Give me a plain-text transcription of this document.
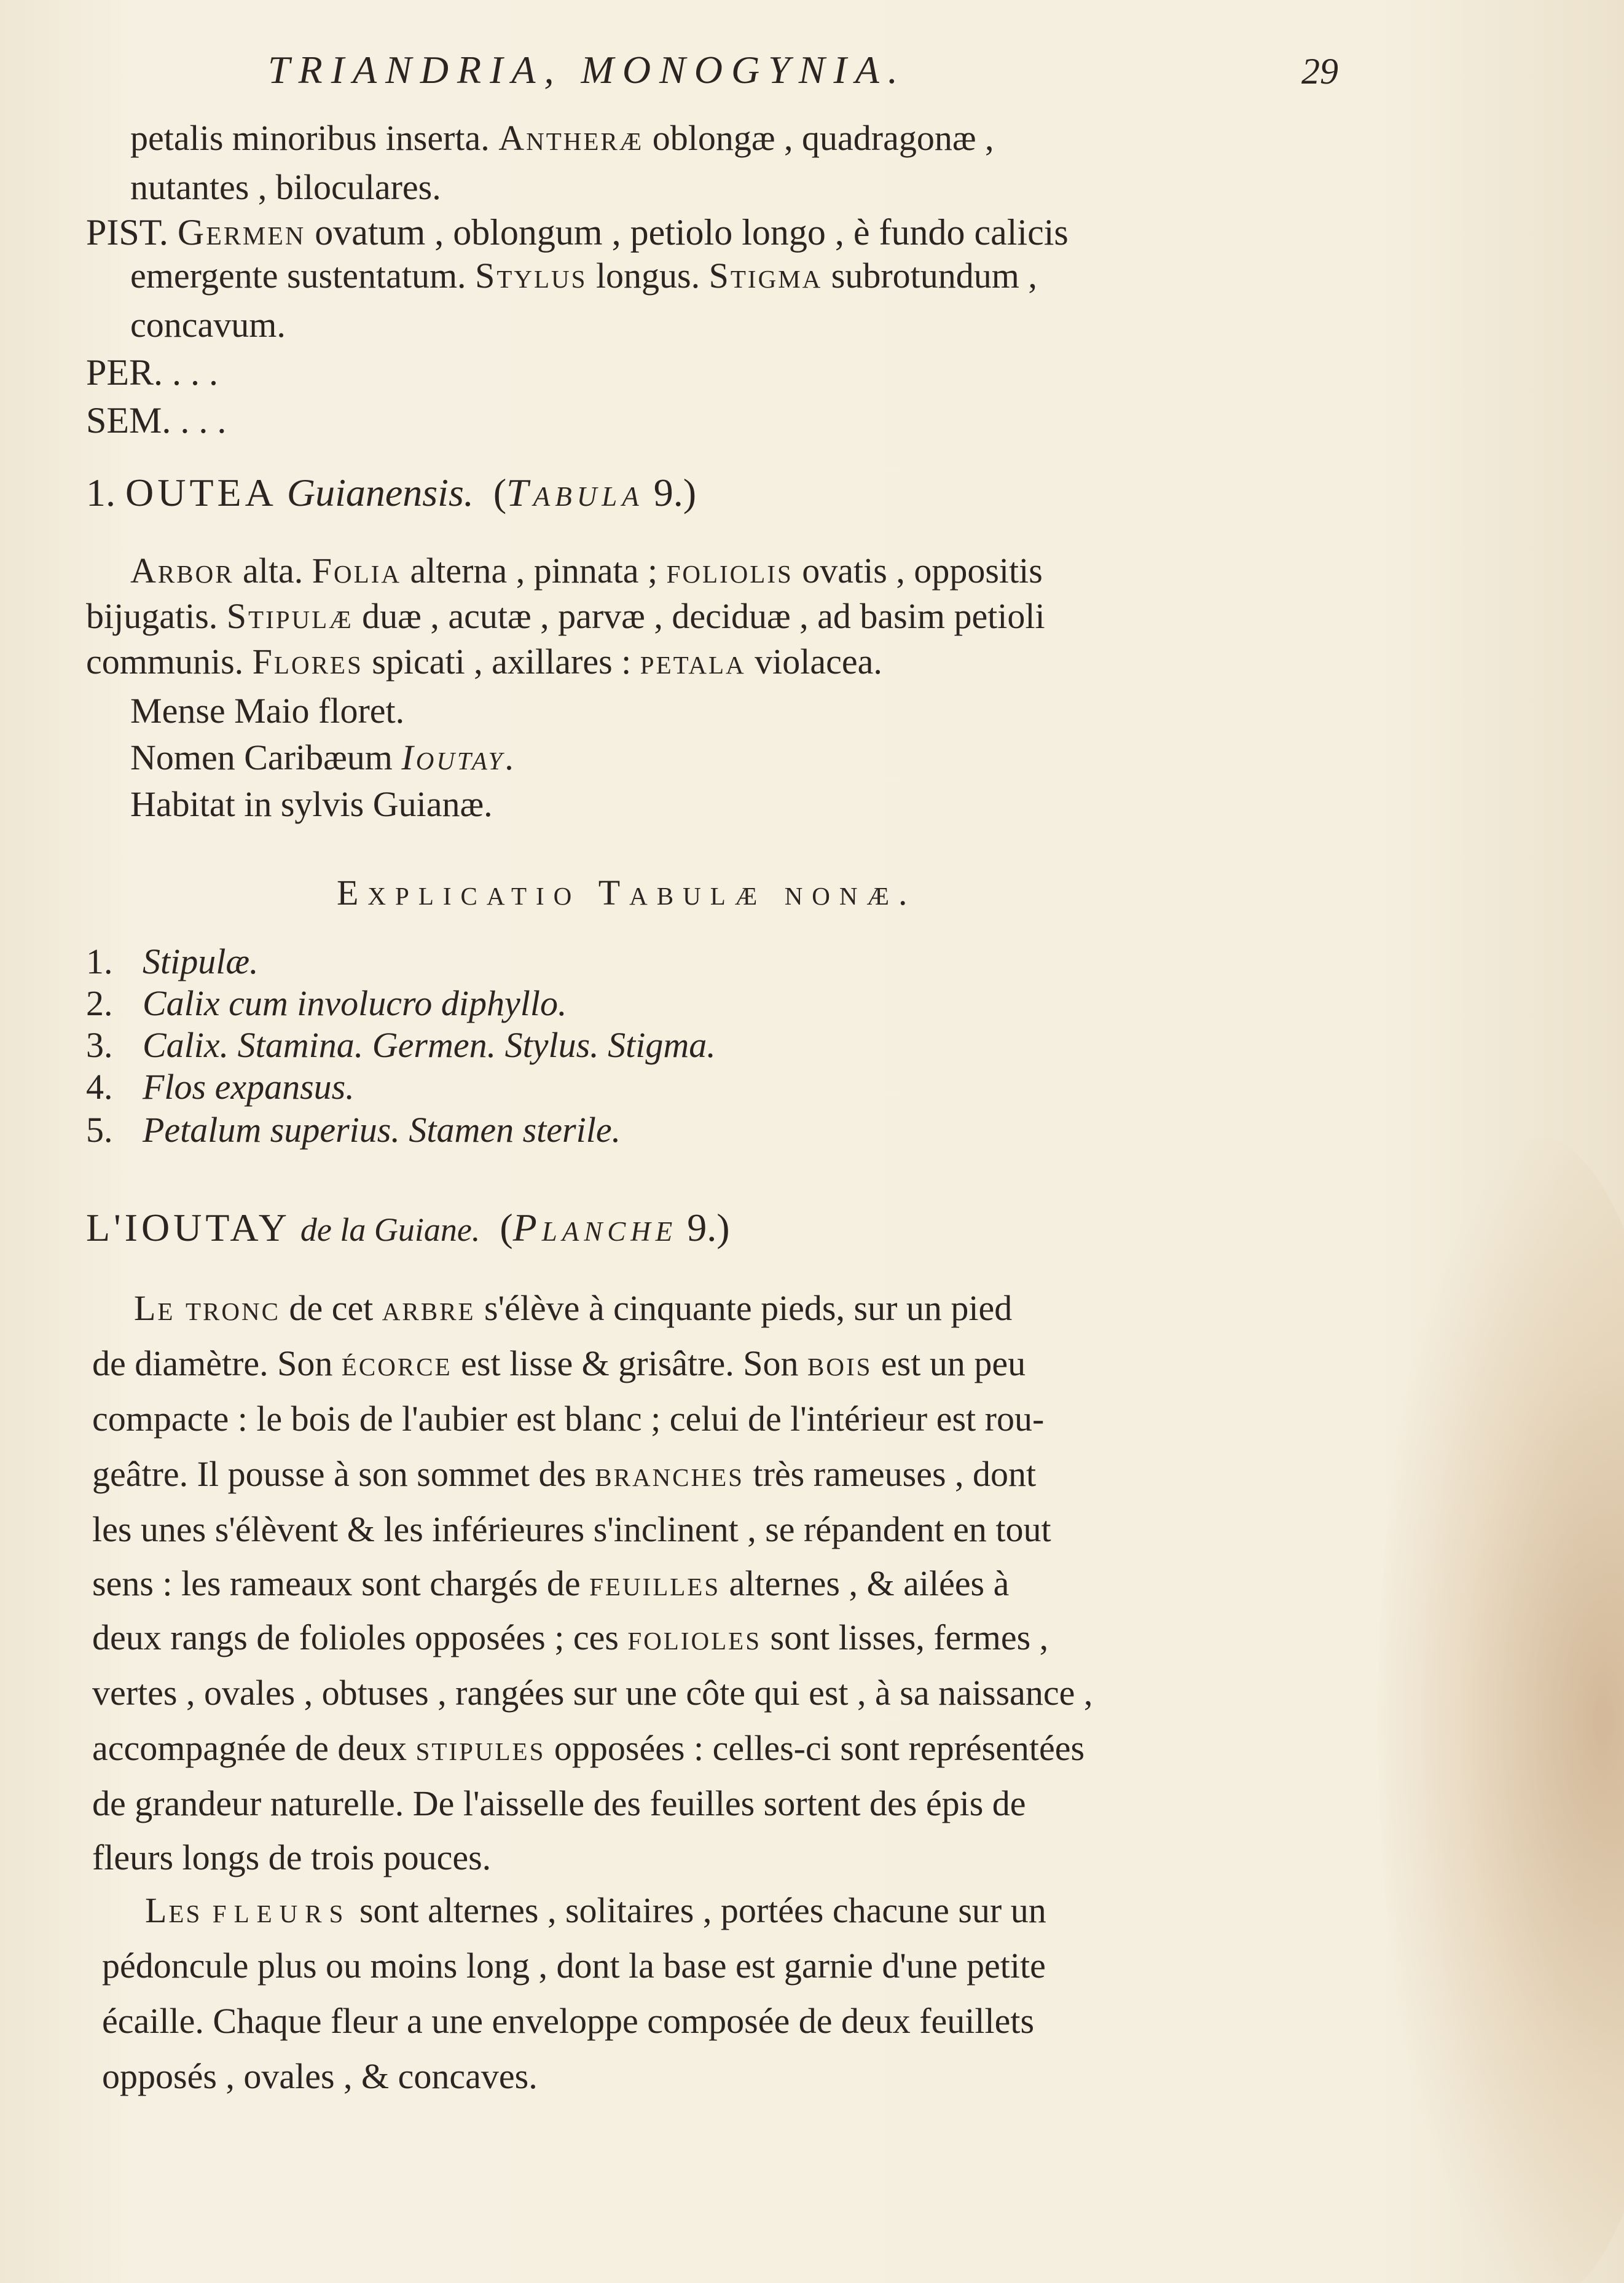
TRIANDRIA, MONOGYNIA.	29
petalis minoribus inserta. Antheræ oblongæ , quadragonæ ,
nutantes , biloculares.
PIST. Germen ovatum , oblongum , petiolo longo , è fundo calicis
emergente sustentatum. Stylus longus. Stigma subrotundum ,
concavum.
PER. . . .
SEM. . . .
1. OUTEA Guianensis. (Tabula 9.)
Arbor alta. Folia alterna , pinnata ; foliolis ovatis , oppositis
bijugatis. Stipulæ duæ , acutæ , parvæ , deciduæ , ad basim petioli
communis. Flores spicati , axillares : petala violacea.
Mense Maio floret.
Nomen Caribæum Ioutay.
Habitat in sylvis Guianæ.
Explicatio Tabulæ nonæ.
1. Stipulæ.
2. Calix cum involucro diphyllo.
3. Calix. Stamina. Germen. Stylus. Stigma.
4. Flos expansus.
5. Petalum superius. Stamen sterile.
L'IOUTAY de la Guiane. (Planche 9.)
Le tronc de cet arbre s'élève à cinquante pieds, sur un pied
de diamètre. Son écorce est lisse & grisâtre. Son bois est un peu
compacte : le bois de l'aubier est blanc ; celui de l'intérieur est rou-
geâtre. Il pousse à son sommet des branches très rameuses , dont
les unes s'élèvent & les inférieures s'inclinent , se répandent en tout
sens : les rameaux sont chargés de feuilles alternes , & ailées à
deux rangs de folioles opposées ; ces folioles sont lisses, fermes ,
vertes , ovales , obtuses , rangées sur une côte qui est , à sa naissance ,
accompagnée de deux stipules opposées : celles-ci sont représentées
de grandeur naturelle. De l'aisselle des feuilles sortent des épis de
fleurs longs de trois pouces.
Les fleurs sont alternes , solitaires , portées chacune sur un
pédoncule plus ou moins long , dont la base est garnie d'une petite
écaille. Chaque fleur a une enveloppe composée de deux feuillets
opposés , ovales , & concaves.
